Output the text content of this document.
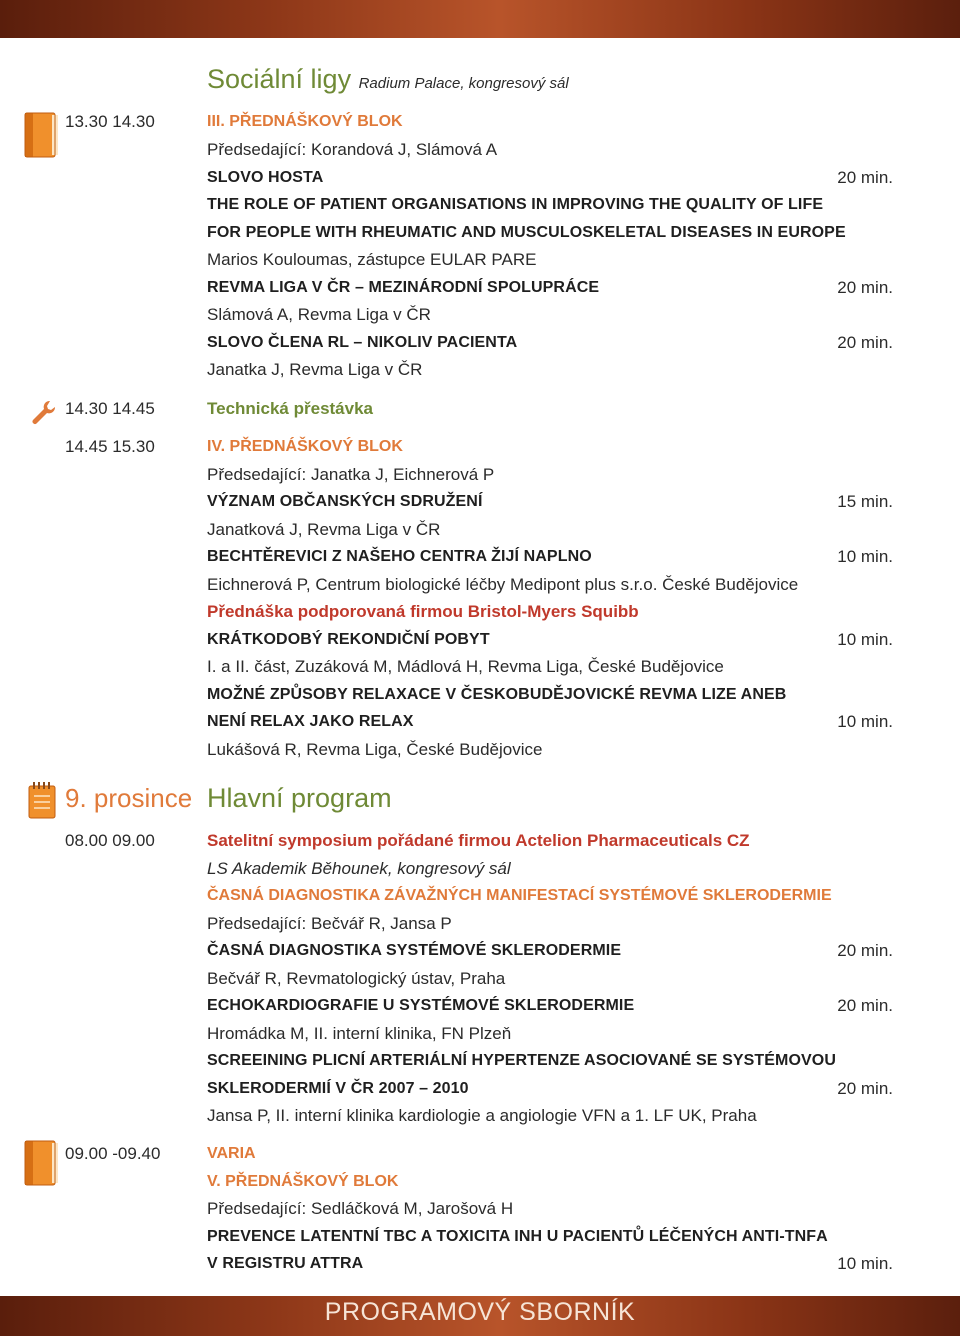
Sociální ligy Radium Palace, kongresový sál
13.30 14.30	III. PŘEDNÁŠKOVÝ BLOK
Předsedající: Korandová J, Slámová A
SLOVO HOSTA	20 min.
THE ROLE OF PATIENT ORGANISATIONS IN IMPROVING THE QUALITY OF LIFE
FOR PEOPLE WITH RHEUMATIC AND MUSCULOSKELETAL DISEASES IN EUROPE
Marios Kouloumas, zástupce EULAR PARE
REVMA LIGA V ČR – MEZINÁRODNÍ SPOLUPRÁCE	20 min.
Slámová A, Revma Liga v ČR
SLOVO ČLENA RL – NIKOLIV PACIENTA	20 min.
Janatka J, Revma Liga v ČR
14.30 14.45	Technická přestávka
14.45 15.30	IV. PŘEDNÁŠKOVÝ BLOK
Předsedající: Janatka J, Eichnerová P
VÝZNAM OBČANSKÝCH SDRUŽENÍ	15 min.
Janatková J, Revma Liga v ČR
BECHTĚREVICI Z NAŠEHO CENTRA ŽIJÍ NAPLNO	10 min.
Eichnerová P, Centrum biologické léčby Medipont plus s.r.o. České Budějovice
Přednáška podporovaná firmou Bristol-Myers Squibb
KRÁTKODOBÝ REKONDIČNÍ POBYT	10 min.
I. a II. část, Zuzáková M, Mádlová H, Revma Liga, České Budějovice
MOŽNÉ ZPŮSOBY RELAXACE V ČESKOBUDĚJOVICKÉ REVMA LIZE ANEB
NENÍ RELAX JAKO RELAX	10 min.
Lukášová R, Revma Liga, České Budějovice
9. prosince Hlavní program
08.00 09.00	Satelitní symposium pořádané firmou Actelion Pharmaceuticals CZ
LS Akademik Běhounek, kongresový sál
ČASNÁ DIAGNOSTIKA ZÁVAŽNÝCH MANIFESTACÍ SYSTÉMOVÉ SKLERODERMIE
Předsedající: Bečvář R, Jansa P
ČASNÁ DIAGNOSTIKA SYSTÉMOVÉ SKLERODERMIE	20 min.
Bečvář R, Revmatologický ústav, Praha
ECHOKARDIOGRAFIE U SYSTÉMOVÉ SKLERODERMIE	20 min.
Hromádka M, II. interní klinika, FN Plzeň
SCREEINING PLICNÍ ARTERIÁLNÍ HYPERTENZE ASOCIOVANÉ SE SYSTÉMOVOU
SKLERODERMIÍ V ČR 2007 – 2010	20 min.
Jansa P, II. interní klinika kardiologie a angiologie VFN a 1. LF UK, Praha
09.00 -09.40	VARIA
V. PŘEDNÁŠKOVÝ BLOK
Předsedající: Sedláčková M, Jarošová H
PREVENCE LATENTNÍ TBC A TOXICITA INH U PACIENTŮ LÉČENÝCH ANTI-TNFΑ
V REGISTRU ATTRA	10 min.
PROGRAMOVÝ SBORNÍK
